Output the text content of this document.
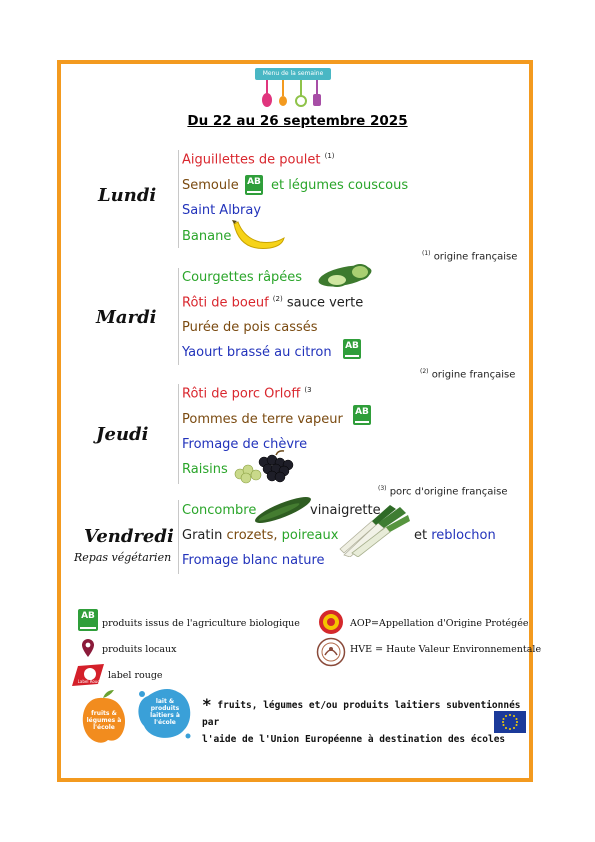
Menu de la semaine
Du 22 au 26 septembre 2025
Lundi
Aiguillettes de poulet $^{(1)}$
Semoule AB et légumes couscous
Saint Albray
Banane
$^{(1)}$ origine française
Mardi
Courgettes râpées
Rôti de boeuf $^{(2)}$ sauce verte
Purée de pois cassés
Yaourt brassé au citron AB
$^{(2)}$ origine française
Jeudi
Rôti de porc Orloff $^{(3}$
Pommes de terre vapeur AB
Fromage de chèvre
Raisins
$^{(3)}$ porc d'origine française
Vendredi
Repas végétarien
Concombre	vinaigrette
Gratin crozets, poireaux	et reblochon
Fromage blanc nature
AB
produits issus de l'agriculture biologique	AOP=Appellation d'Origine Protégée
produits locaux	HVE = Haute Valeur Environnementale
Label Rouge
label rouge
fruits & légumes à l'école
lait & produits laitiers à l'école
* fruits, légumes et/ou produits laitiers subventionnés par
l'aide de l'Union Européenne à destination des écoles
